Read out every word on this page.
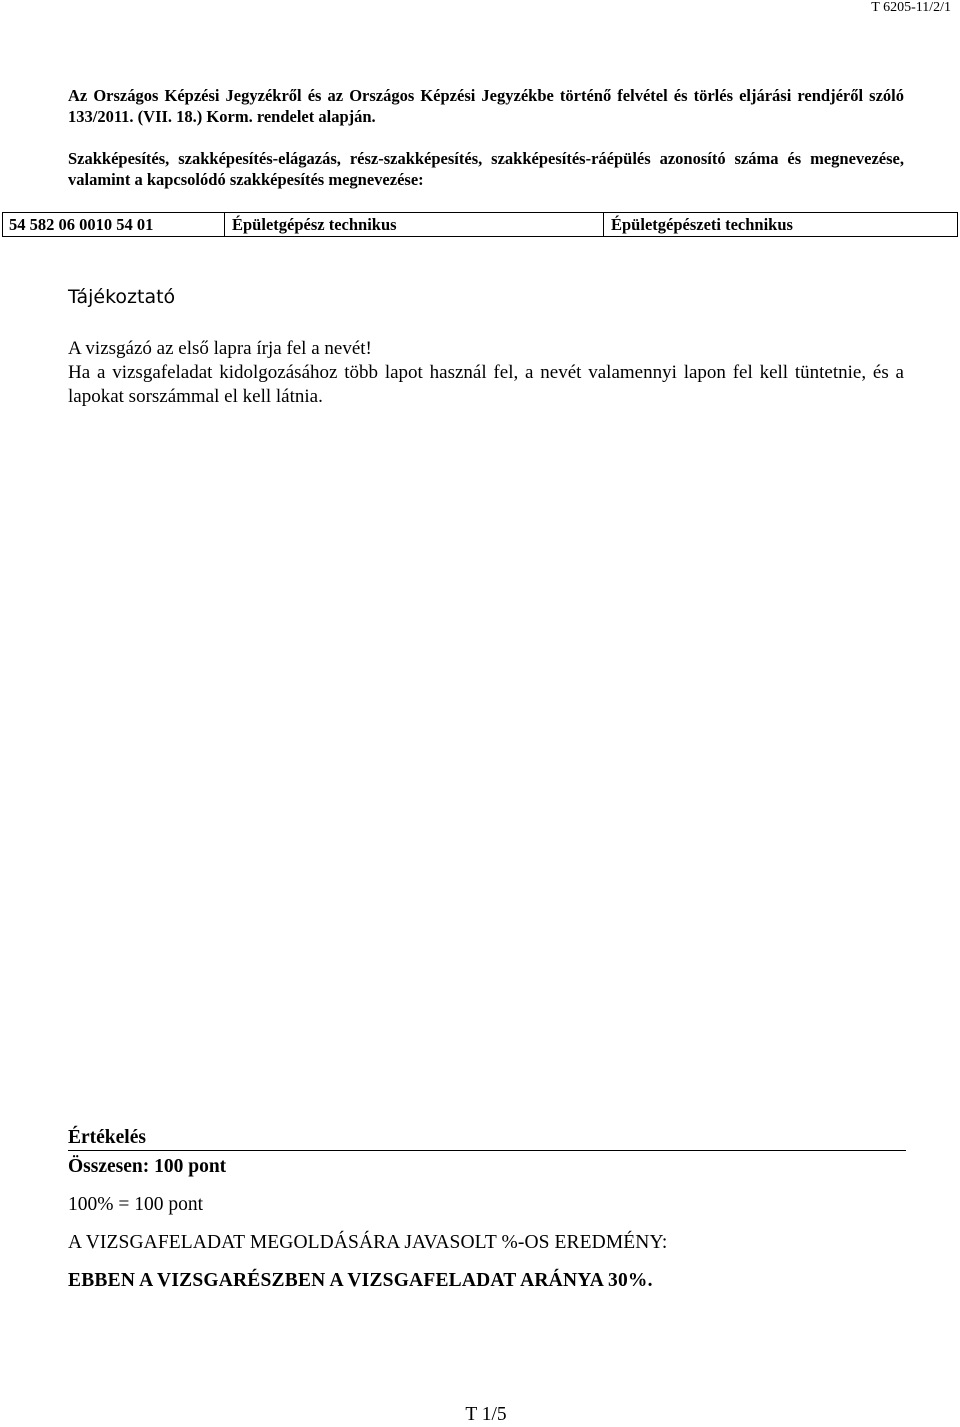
T 6205-11/2/1
Az Országos Képzési Jegyzékről és az Országos Képzési Jegyzékbe történő felvétel és törlés eljárási rendjéről szóló 133/2011. (VII. 18.) Korm. rendelet alapján.
Szakképesítés, szakképesítés-elágazás, rész-szakképesítés, szakképesítés-ráépülés azonosító száma és megnevezése, valamint a kapcsolódó szakképesítés megnevezése:
54 582 06 0010 54 01	Épületgépész technikus	Épületgépészeti technikus
Tájékoztató

A vizsgázó az első lapra írja fel a nevét!

Ha a vizsgafeladat kidolgozásához több lapot használ fel, a nevét valamennyi lapon fel kell tüntetnie, és a lapokat sorszámmal el kell látnia.

Értékelés
Összesen: 100 pont
100% = 100 pont
A VIZSGAFELADAT MEGOLDÁSÁRA JAVASOLT %-OS EREDMÉNY:
EBBEN A VIZSGARÉSZBEN A VIZSGAFELADAT ARÁNYA 30%.
T 1/5
